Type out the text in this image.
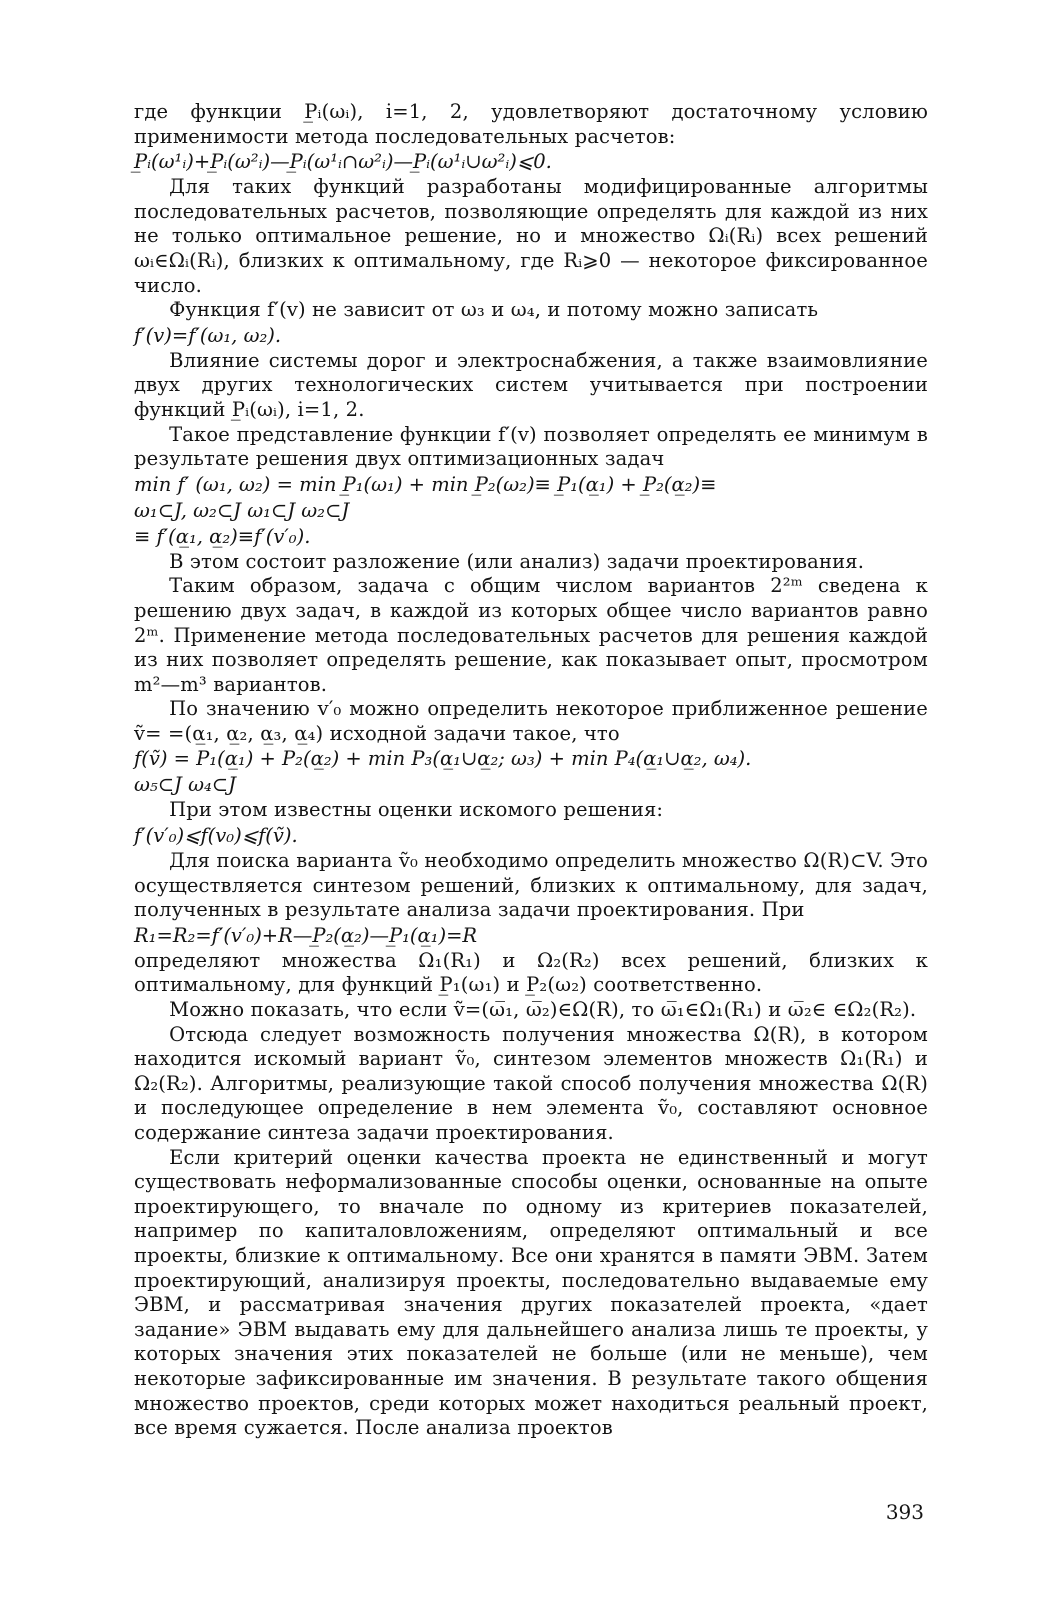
где функции P̲ᵢ(ωᵢ), i=1, 2, удовлетворяют достаточному условию применимости метода последовательных расчетов:

P̲ᵢ(ω¹ᵢ)+P̲ᵢ(ω²ᵢ)—P̲ᵢ(ω¹ᵢ∩ω²ᵢ)—P̲ᵢ(ω¹ᵢ∪ω²ᵢ)⩽0.

Для таких функций разработаны модифицированные алгоритмы последовательных расчетов, позволяющие определять для каждой из них не только оптимальное решение, но и множество Ωᵢ(Rᵢ) всех решений ωᵢ∈Ωᵢ(Rᵢ), близких к оптимальному, где Rᵢ⩾0 — некоторое фиксированное число.

Функция f′(v) не зависит от ω₃ и ω₄, и потому можно записать

f′(v)=f′(ω₁, ω₂).

Влияние системы дорог и электроснабжения, а также взаимовлияние двух других технологических систем учитывается при построении функций P̲ᵢ(ωᵢ), i=1, 2.

Такое представление функции f′(v) позволяет определять ее минимум в результате решения двух оптимизационных задач

min f′ (ω₁, ω₂) = min P̲₁(ω₁) + min P̲₂(ω₂)≡ P̲₁(α̲₁) + P̲₂(α̲₂)≡

ω₁⊂J, ω₂⊂J ω₁⊂J ω₂⊂J

≡ f′(α̲₁, α̲₂)≡f′(v′₀).

В этом состоит разложение (или анализ) задачи проектирования.

Таким образом, задача с общим числом вариантов 2²ᵐ сведена к решению двух задач, в каждой из которых общее число вариантов равно 2ᵐ. Применение метода последовательных расчетов для решения каждой из них позволяет определять решение, как показывает опыт, просмотром m²—m³ вариантов.

По значению v′₀ можно определить некоторое приближенное решение ṽ= =(α̲₁, α̲₂, α̲₃, α̲₄) исходной задачи такое, что

f(ṽ) = P₁(α̲₁) + P₂(α̲₂) + min P₃(α̲₁∪α̲₂; ω₃) + min P₄(α̲₁∪α̲₂, ω₄).

ω₅⊂J ω₄⊂J

При этом известны оценки искомого решения:

f′(v′₀)⩽f(v₀)⩽f(ṽ).

Для поиска варианта ṽ₀ необходимо определить множество Ω(R)⊂V. Это осуществляется синтезом решений, близких к оптимальному, для задач, полученных в результате анализа задачи проектирования. При

R₁=R₂=f′(v′₀)+R—P̲₂(α̲₂)—P̲₁(α̲₁)=R

определяют множества Ω₁(R₁) и Ω₂(R₂) всех решений, близких к оптимальному, для функций P̲₁(ω₁) и P̲₂(ω₂) соответственно.

Можно показать, что если ṽ=(ω̅₁, ω̅₂)∈Ω(R), то ω̅₁∈Ω₁(R₁) и ω̅₂∈ ∈Ω₂(R₂).

Отсюда следует возможность получения множества Ω(R), в котором находится искомый вариант ṽ₀, синтезом элементов множеств Ω₁(R₁) и Ω₂(R₂). Алгоритмы, реализующие такой способ получения множества Ω(R) и последующее определение в нем элемента ṽ₀, составляют основное содержание синтеза задачи проектирования.

Если критерий оценки качества проекта не единственный и могут существовать неформализованные способы оценки, основанные на опыте проектирующего, то вначале по одному из критериев показателей, например по капиталовложениям, определяют оптимальный и все проекты, близкие к оптимальному. Все они хранятся в памяти ЭВМ. Затем проектирующий, анализируя проекты, последовательно выдаваемые ему ЭВМ, и рассматривая значения других показателей проекта, «дает задание» ЭВМ выдавать ему для дальнейшего анализа лишь те проекты, у которых значения этих показателей не больше (или не меньше), чем некоторые зафиксированные им значения. В результате такого общения множество проектов, среди которых может находиться реальный проект, все время сужается. После анализа проектов

393
